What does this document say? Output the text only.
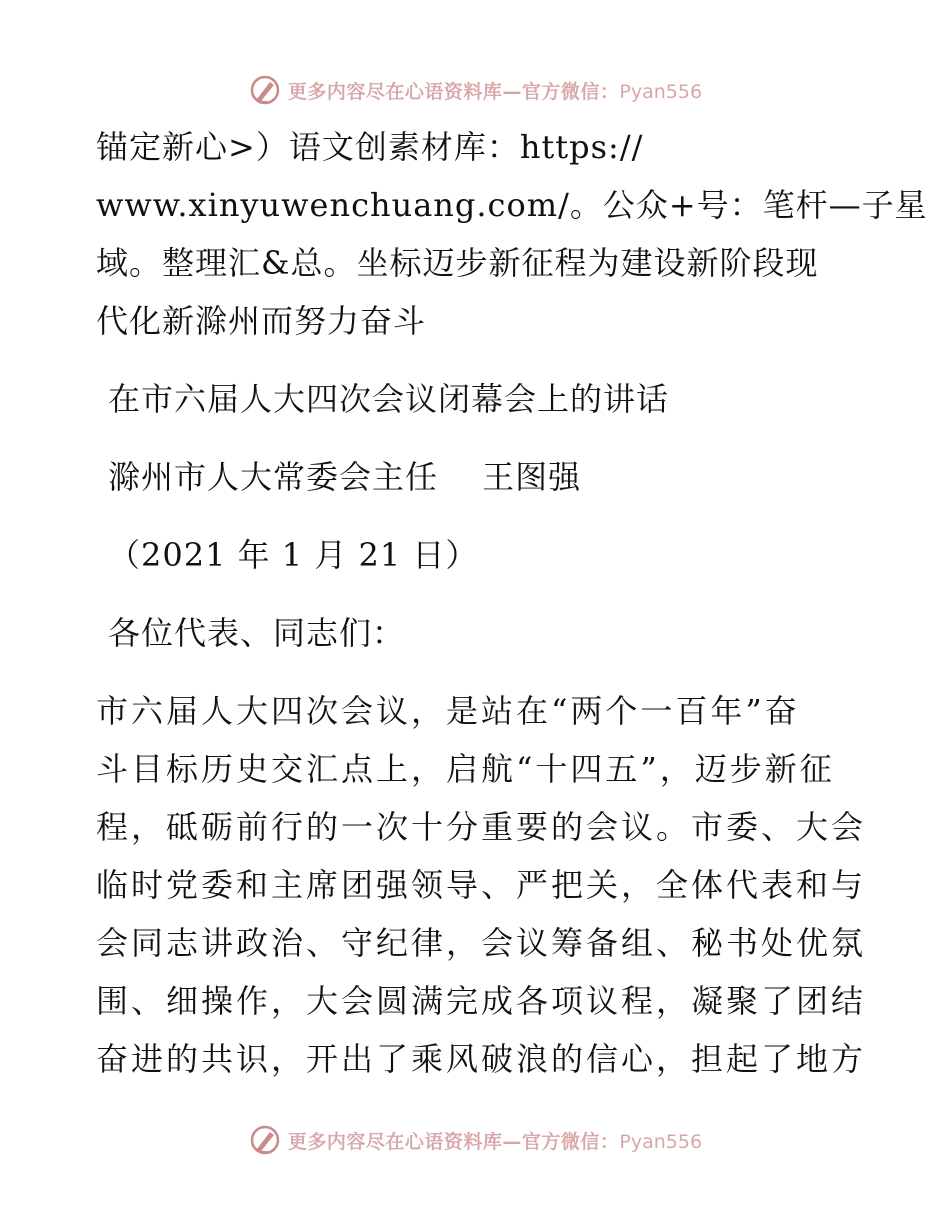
更多内容尽在心语资料库—官方微信：Pyan556
锚定新心>）语文创素材库：https://
www.xinyuwenchuang.com/。公众+号：笔杆—子星
域。整理汇&总。坐标迈步新征程为建设新阶段现
代化新滁州而努力奋斗
在市六届人大四次会议闭幕会上的讲话
滁州市人大常委会主任　 王图强
（2021 年 1 月 21 日）
各位代表、同志们：
市六届人大四次会议，是站在“两个一百年”奋
斗目标历史交汇点上，启航“十四五”，迈步新征
程，砥砺前行的一次十分重要的会议。市委、大会
临时党委和主席团强领导、严把关，全体代表和与
会同志讲政治、守纪律，会议筹备组、秘书处优氛
围、细操作，大会圆满完成各项议程，凝聚了团结
奋进的共识，开出了乘风破浪的信心，担起了地方
更多内容尽在心语资料库—官方微信：Pyan556
